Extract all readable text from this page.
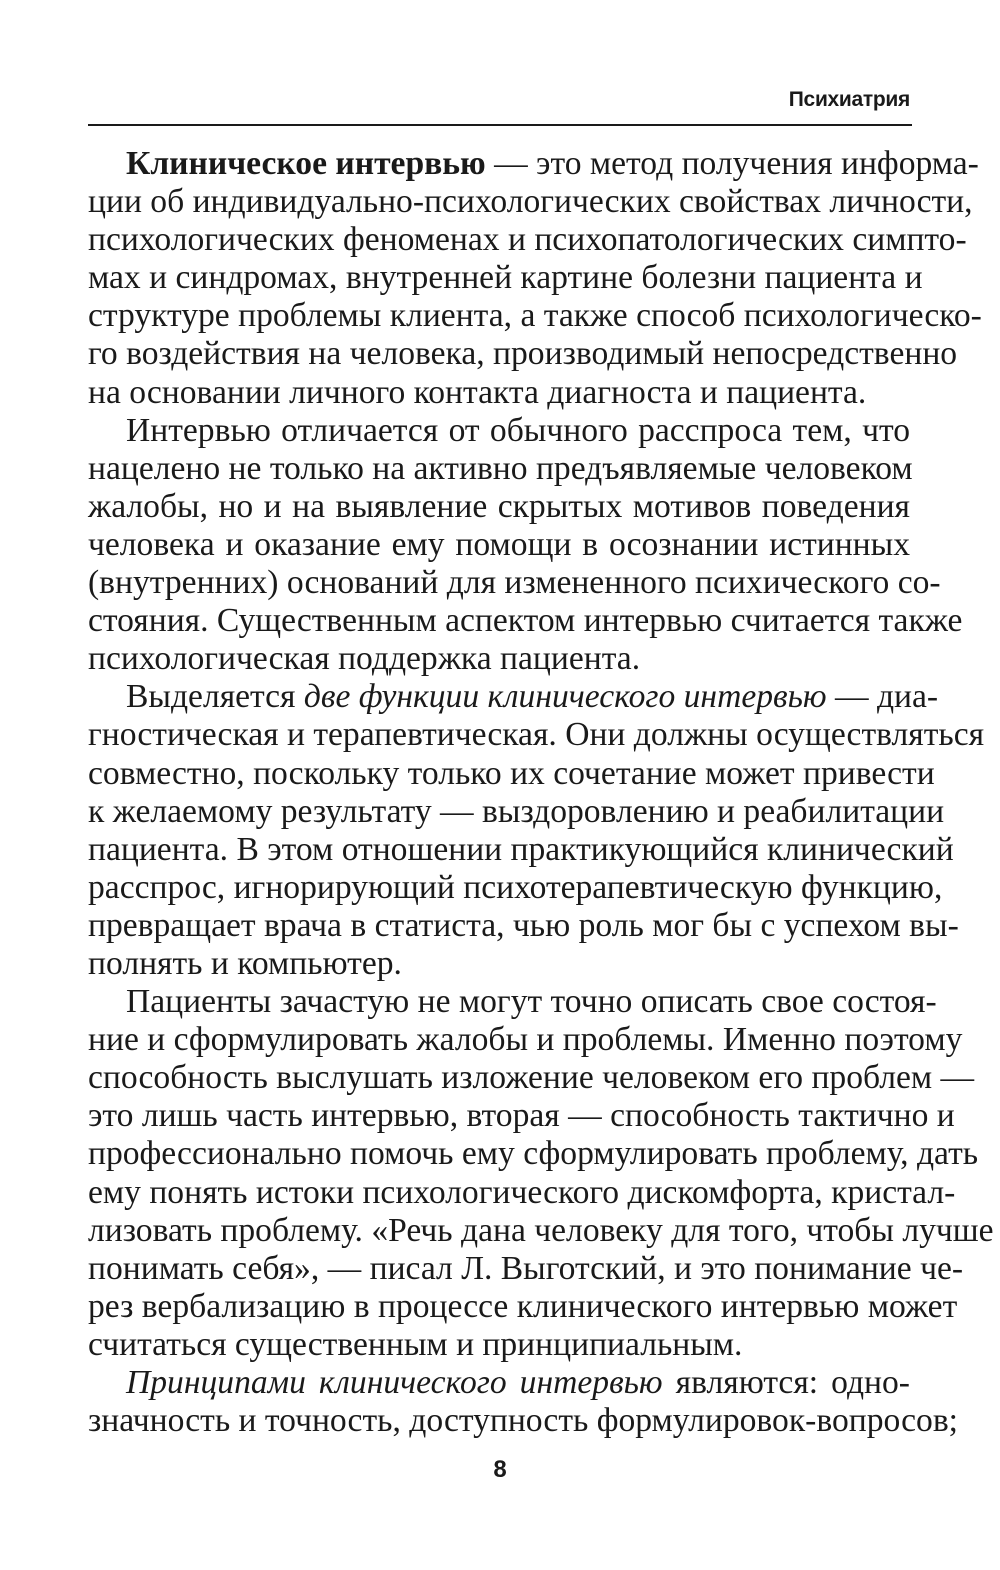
Психиатрия
Клиническое интервью — это метод получения информа-
ции об индивидуально-психологических свойствах личности,
психологических феноменах и психопатологических симпто-
мах и синдромах, внутренней картине болезни пациента и
структуре проблемы клиента, а также способ психологическо-
го воздействия на человека, производимый непосредственно
на основании личного контакта диагноста и пациента.
Интервью отличается от обычного расспроса тем, что
нацелено не только на активно предъявляемые человеком
жалобы, но и на выявление скрытых мотивов поведения
человека и оказание ему помощи в осознании истинных
(внутренних) оснований для измененного психического со-
стояния. Существенным аспектом интервью считается также
психологическая поддержка пациента.
Выделяется две функции клинического интервью — диа-
гностическая и терапевтическая. Они должны осуществляться
совместно, поскольку только их сочетание может привести
к желаемому результату — выздоровлению и реабилитации
пациента. В этом отношении практикующийся клинический
расспрос, игнорирующий психотерапевтическую функцию,
превращает врача в статиста, чью роль мог бы с успехом вы-
полнять и компьютер.
Пациенты зачастую не могут точно описать свое состоя-
ние и сформулировать жалобы и проблемы. Именно поэтому
способность выслушать изложение человеком его проблем —
это лишь часть интервью, вторая — способность тактично и
профессионально помочь ему сформулировать проблему, дать
ему понять истоки психологического дискомфорта, кристал-
лизовать проблему. «Речь дана человеку для того, чтобы лучше
понимать себя», — писал Л. Выготский, и это понимание че-
рез вербализацию в процессе клинического интервью может
считаться существенным и принципиальным.
Принципами клинического интервью являются: одно-
значность и точность, доступность формулировок-вопросов;
8
